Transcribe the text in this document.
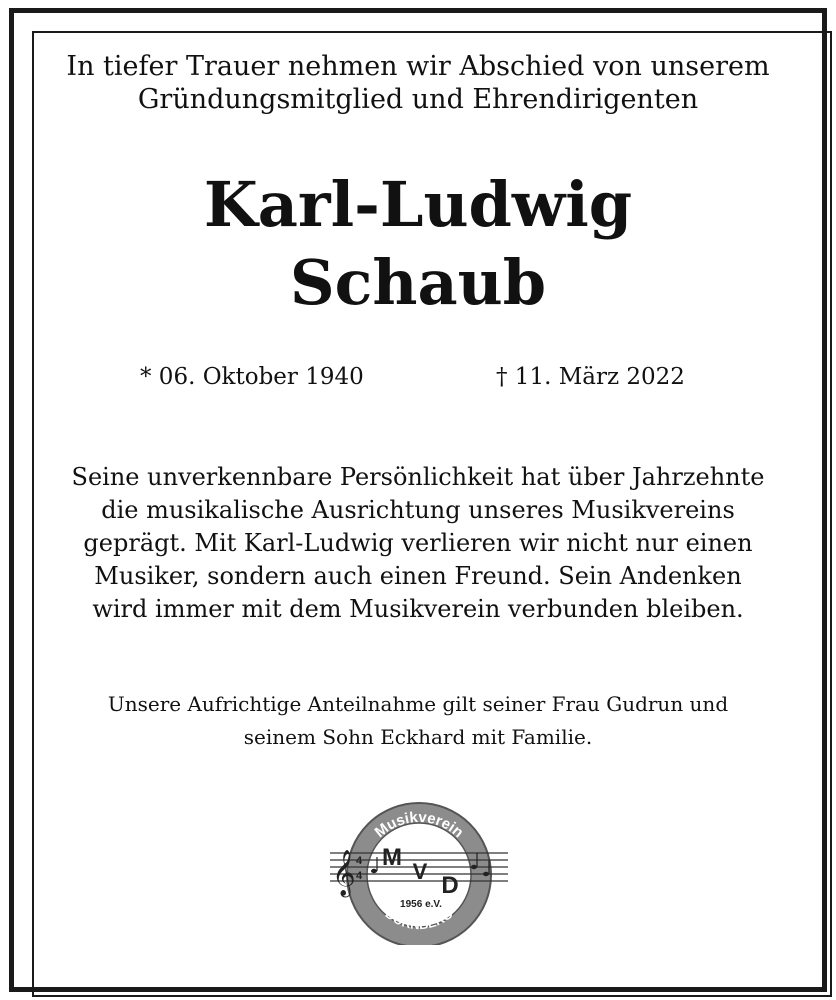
In tiefer Trauer nehmen wir Abschied von unserem
Gründungsmitglied und Ehrendirigenten
Karl-Ludwig
Schaub
* 06. Oktober 1940	† 11. März 2022
Seine unverkennbare Persönlichkeit hat über Jahrzehnte
die musikalische Ausrichtung unseres Musikvereins
geprägt. Mit Karl-Ludwig verlieren wir nicht nur einen
Musiker, sondern auch einen Freund. Sein Andenken
wird immer mit dem Musikverein verbunden bleiben.
Unsere Aufrichtige Anteilnahme gilt seiner Frau Gudrun und
seinem Sohn Eckhard mit Familie.
Musikverein
DÖRNBERG
𝄞 4
4
M
V
D
1956 e.V.
